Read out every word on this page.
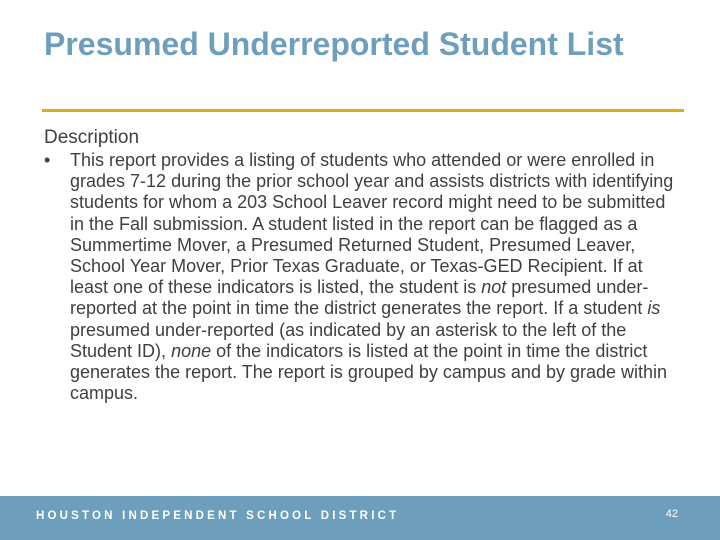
Presumed Underreported Student List

Description

•	This report provides a listing of students who attended or were enrolled in grades 7-12 during the prior school year and assists districts with identifying students for whom a 203 School Leaver record might need to be submitted in the Fall submission. A student listed in the report can be flagged as a Summertime Mover, a Presumed Returned Student, Presumed Leaver, School Year Mover, Prior Texas Graduate, or Texas-GED Recipient. If at least one of these indicators is listed, the student is not presumed under-reported at the point in time the district generates the report. If a student is presumed under-reported (as indicated by an asterisk to the left of the Student ID), none of the indicators is listed at the point in time the district generates the report. The report is grouped by campus and by grade within campus.

HOUSTON INDEPENDENT SCHOOL DISTRICT	42
